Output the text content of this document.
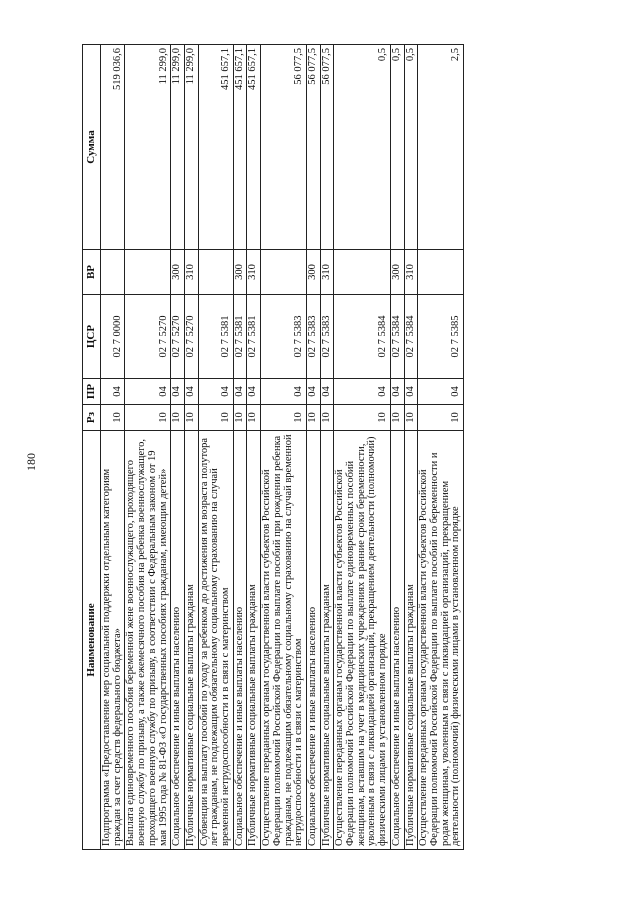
180
Наименование	Рз	ПР	ЦСР	ВР	Сумма
Подпрограмма «Предоставление мер социальной поддержки отдельным категориям граждан за счет средств федерального бюджета»	10	04	02 7 0000		519 036,6
Выплата единовременного пособия беременной жене военнослужащего, проходящего военную службу по призыву, а также ежемесячного пособия на ребенка военнослужащего, проходящего военную службу по призыву, в соответствии с Федеральным законом от 19 мая 1995 года № 81-ФЗ «О государственных пособиях гражданам, имеющим детей»	10	04	02 7 5270		11 299,0
Социальное обеспечение и иные выплаты населению	10	04	02 7 5270	300	11 299,0
Публичные нормативные социальные выплаты гражданам	10	04	02 7 5270	310	11 299,0
Субвенции на выплату пособий по уходу за ребенком до достижения им возраста полутора лет гражданам, не подлежащим обязательному социальному страхованию на случай временной нетрудоспособности и в связи с материнством	10	04	02 7 5381		451 657,1
Социальное обеспечение и иные выплаты населению	10	04	02 7 5381	300	451 657,1
Публичные нормативные социальные выплаты гражданам	10	04	02 7 5381	310	451 657,1
Осуществление переданных органам государственной власти субъектов Российской Федерации полномочий Российской Федерации по выплате пособий при рождении ребенка гражданам, не подлежащим обязательному социальному страхованию на случай временной нетрудоспособности и в связи с материнством	10	04	02 7 5383		56 077,5
Социальное обеспечение и иные выплаты населению	10	04	02 7 5383	300	56 077,5
Публичные нормативные социальные выплаты гражданам	10	04	02 7 5383	310	56 077,5
Осуществление переданных органам государственной власти субъектов Российской Федерации полномочий Российской Федерации по выплате единовременных пособий женщинам, вставшим на учет в медицинских учреждениях в ранние сроки беременности, уволенным в связи с ликвидацией организаций, прекращением деятельности (полномочий) физическими лицами в установленном порядке	10	04	02 7 5384		0,5
Социальное обеспечение и иные выплаты населению	10	04	02 7 5384	300	0,5
Публичные нормативные социальные выплаты гражданам	10	04	02 7 5384	310	0,5
Осуществление переданных органам государственной власти субъектов Российской Федерации полномочий Российской Федерации по выплате пособий по беременности и родам женщинам, уволенным в связи с ликвидацией организаций, прекращением деятельности (полномочий) физическими лицами в установленном порядке	10	04	02 7 5385		2,5
